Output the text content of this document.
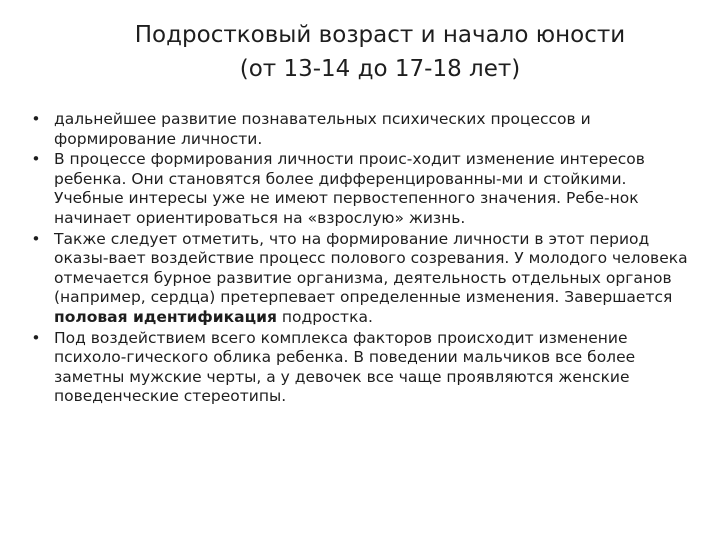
Подростковый возраст и начало юности
(от 13-14 до 17-18 лет)
• дальнейшее развитие познавательных психических процессов и формирование личности.
• В процессе формирования личности проис-ходит изменение интересов ребенка. Они становятся более дифференцированны-ми и стойкими. Учебные интересы уже не имеют первостепенного значения. Ребе-нок начинает ориентироваться на «взрослую» жизнь.
• Также следует отметить, что на формирование личности в этот период оказы-вает воздействие процесс полового созревания. У молодого человека отмечается бурное развитие организма, деятельность отдельных органов (например, сердца) претерпевает определенные изменения. Завершается половая идентификация подростка.
• Под воздействием всего комплекса факторов происходит изменение психоло-гического облика ребенка. В поведении мальчиков все более заметны мужские черты, а у девочек все чаще проявляются женские поведенческие стереотипы.
